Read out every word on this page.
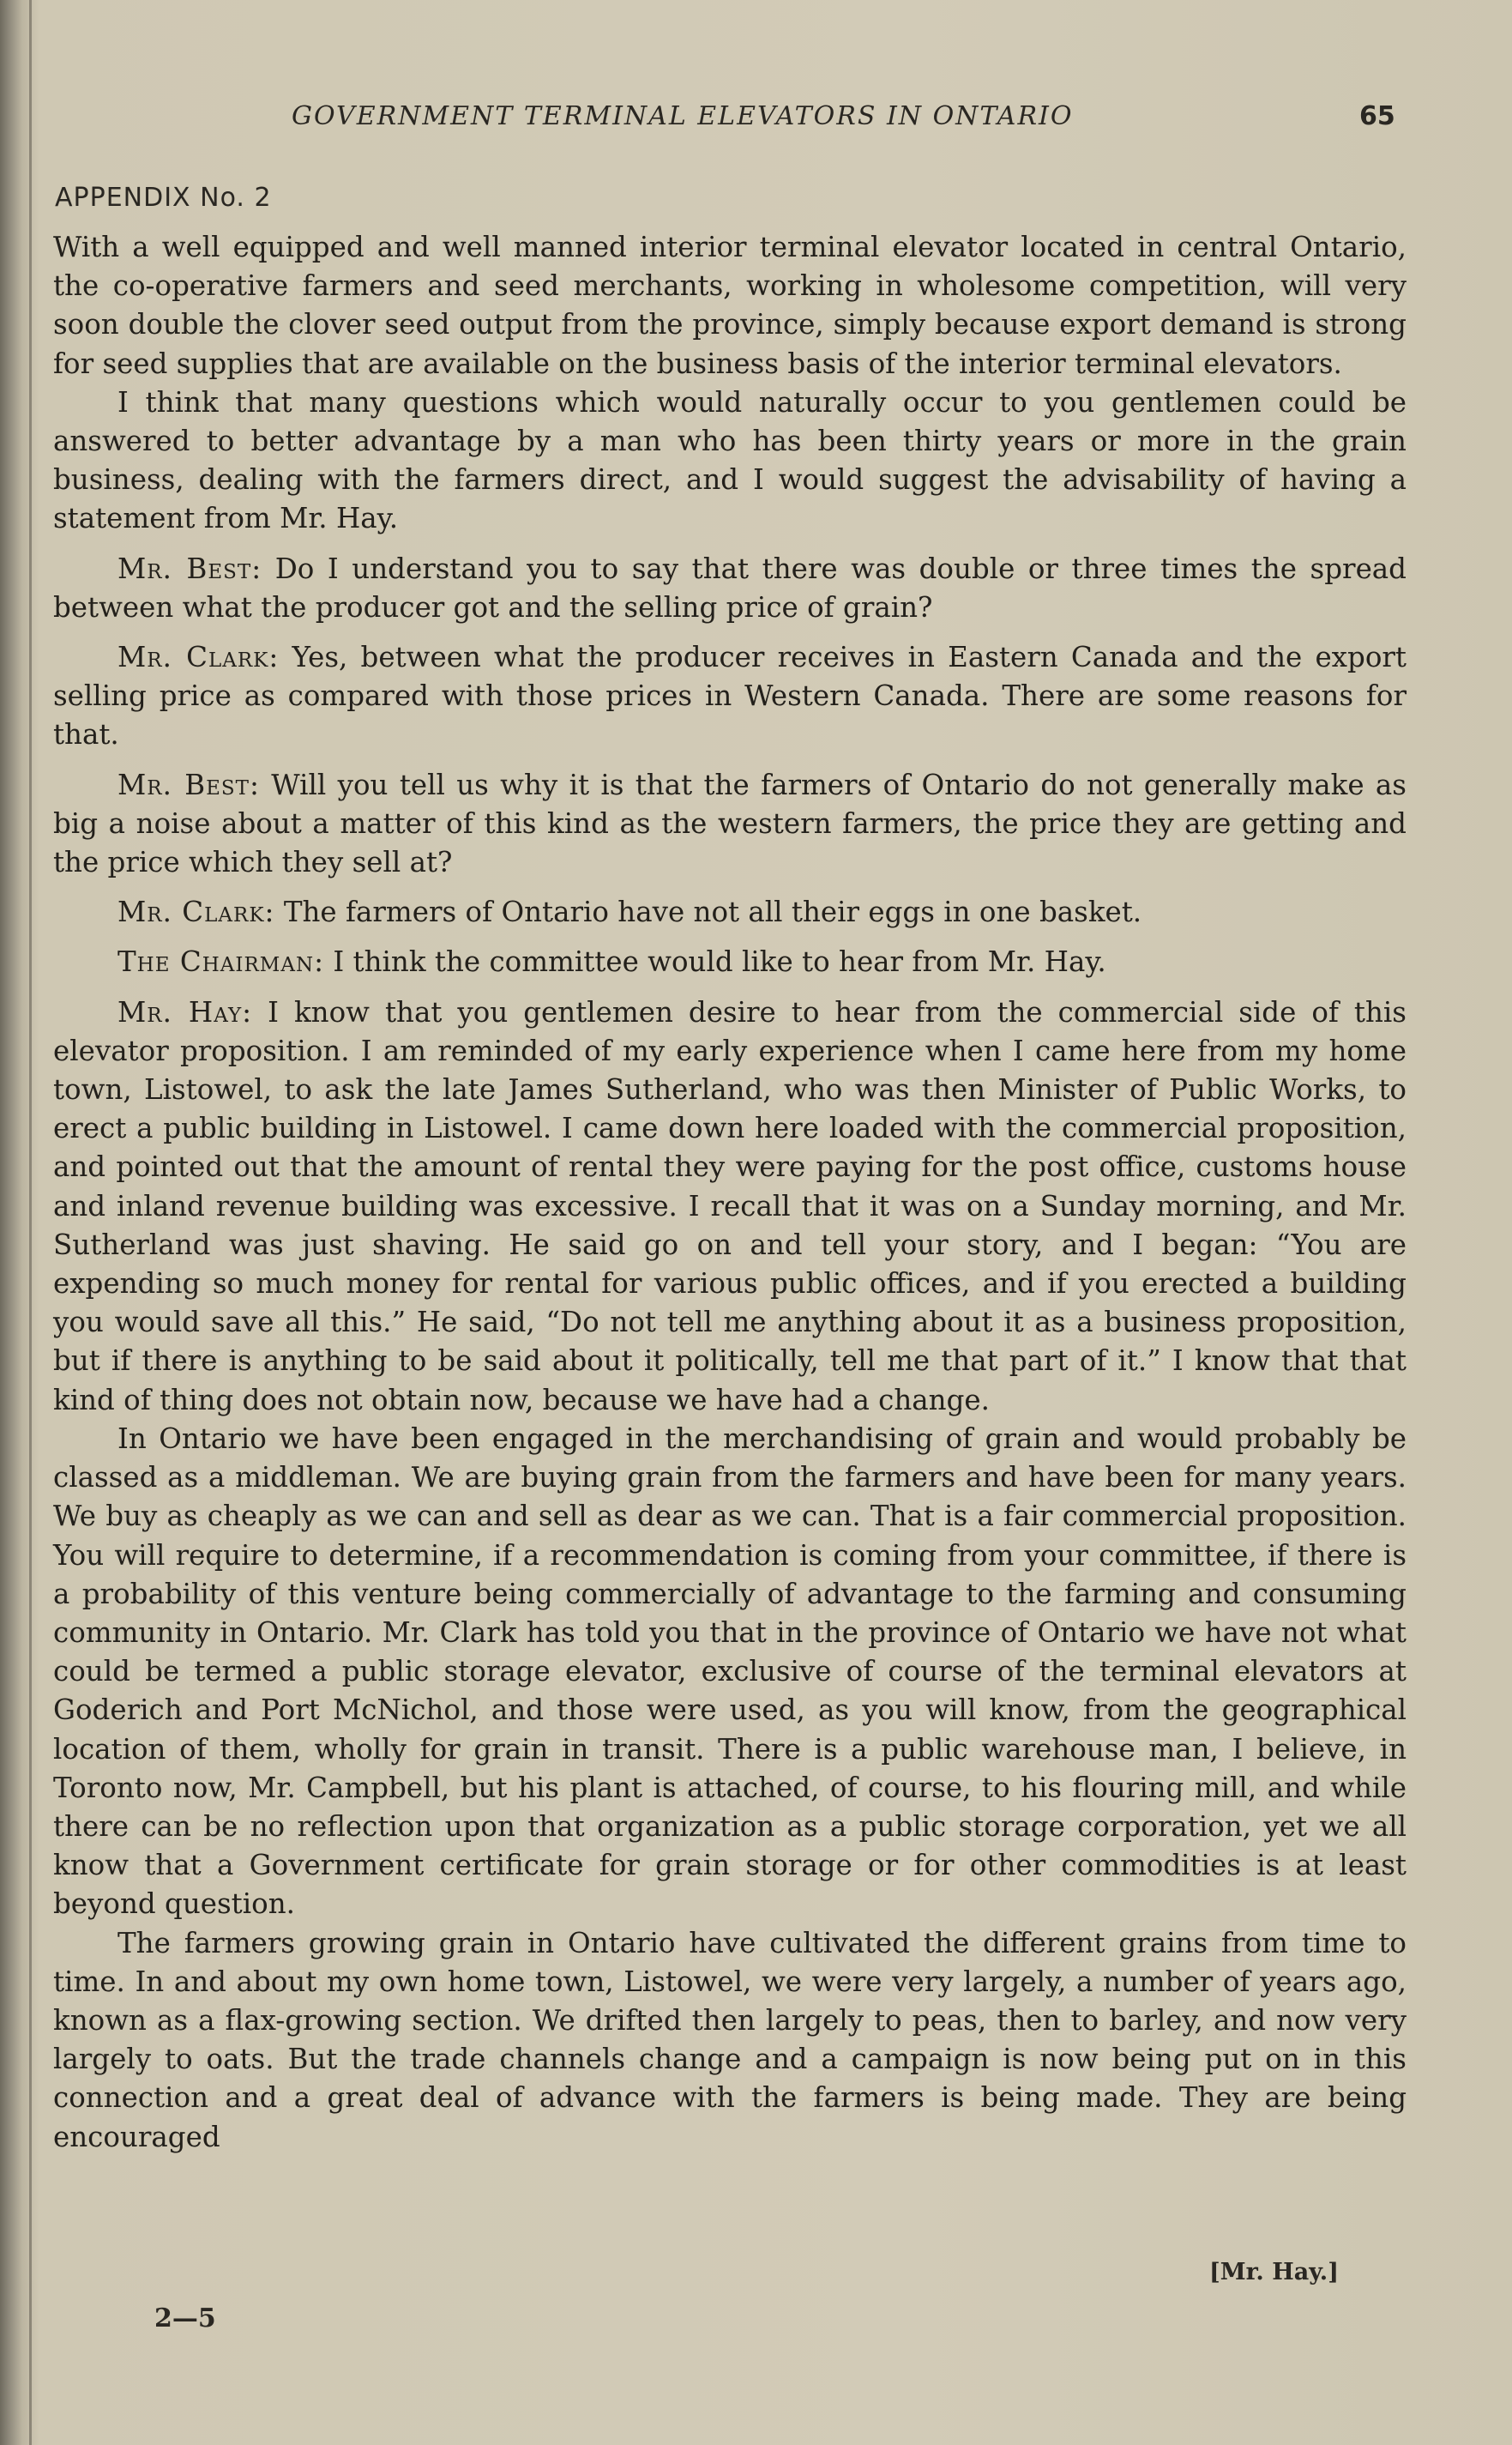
GOVERNMENT TERMINAL ELEVATORS IN ONTARIO	65
APPENDIX No. 2

With a well equipped and well manned interior terminal elevator located in central Ontario, the co-operative farmers and seed merchants, working in wholesome competition, will very soon double the clover seed output from the province, simply because export demand is strong for seed supplies that are available on the business basis of the interior terminal elevators.

I think that many questions which would naturally occur to you gentlemen could be answered to better advantage by a man who has been thirty years or more in the grain business, dealing with the farmers direct, and I would suggest the advisability of having a statement from Mr. Hay.

Mr. Best: Do I understand you to say that there was double or three times the spread between what the producer got and the selling price of grain?

Mr. Clark: Yes, between what the producer receives in Eastern Canada and the export selling price as compared with those prices in Western Canada. There are some reasons for that.

Mr. Best: Will you tell us why it is that the farmers of Ontario do not generally make as big a noise about a matter of this kind as the western farmers, the price they are getting and the price which they sell at?

Mr. Clark: The farmers of Ontario have not all their eggs in one basket.

The Chairman: I think the committee would like to hear from Mr. Hay.

Mr. Hay: I know that you gentlemen desire to hear from the commercial side of this elevator proposition. I am reminded of my early experience when I came here from my home town, Listowel, to ask the late James Sutherland, who was then Minister of Public Works, to erect a public building in Listowel. I came down here loaded with the commercial proposition, and pointed out that the amount of rental they were paying for the post office, customs house and inland revenue building was excessive. I recall that it was on a Sunday morning, and Mr. Sutherland was just shaving. He said go on and tell your story, and I began: “You are expending so much money for rental for various public offices, and if you erected a building you would save all this.” He said, “Do not tell me anything about it as a business proposition, but if there is anything to be said about it politically, tell me that part of it.” I know that that kind of thing does not obtain now, because we have had a change.

In Ontario we have been engaged in the merchandising of grain and would probably be classed as a middleman. We are buying grain from the farmers and have been for many years. We buy as cheaply as we can and sell as dear as we can. That is a fair commercial proposition. You will require to determine, if a recommendation is coming from your committee, if there is a probability of this venture being commercially of advantage to the farming and consuming community in Ontario. Mr. Clark has told you that in the province of Ontario we have not what could be termed a public storage elevator, exclusive of course of the terminal elevators at Goderich and Port McNichol, and those were used, as you will know, from the geographical location of them, wholly for grain in transit. There is a public warehouse man, I believe, in Toronto now, Mr. Campbell, but his plant is attached, of course, to his flouring mill, and while there can be no reflection upon that organization as a public storage corporation, yet we all know that a Government certificate for grain storage or for other commodities is at least beyond question.

The farmers growing grain in Ontario have cultivated the different grains from time to time. In and about my own home town, Listowel, we were very largely, a number of years ago, known as a flax-growing section. We drifted then largely to peas, then to barley, and now very largely to oats. But the trade channels change and a campaign is now being put on in this connection and a great deal of advance with the farmers is being made. They are being encouraged

[Mr. Hay.]
2—5
